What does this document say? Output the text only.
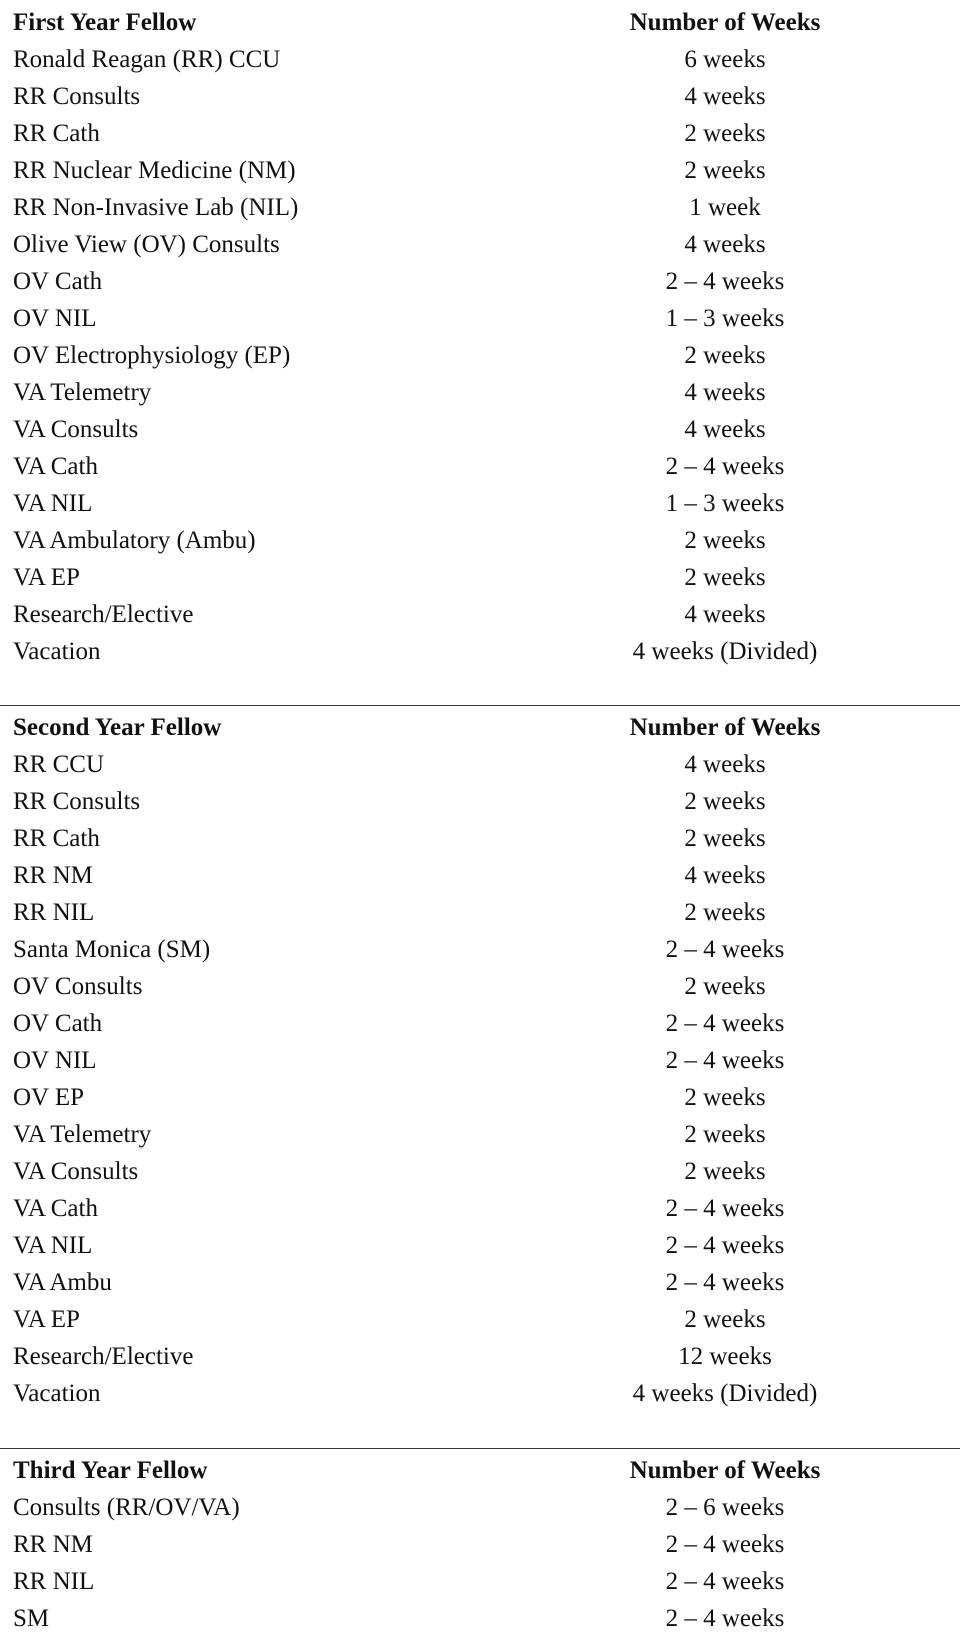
First Year Fellow	Number of Weeks
Ronald Reagan (RR) CCU	6 weeks
RR Consults	4 weeks
RR Cath	2 weeks
RR Nuclear Medicine (NM)	2 weeks
RR Non-Invasive Lab (NIL)	1 week
Olive View (OV) Consults	4 weeks
OV Cath	2 – 4 weeks
OV NIL	1 – 3 weeks
OV Electrophysiology (EP)	2 weeks
VA Telemetry	4 weeks
VA Consults	4 weeks
VA Cath	2 – 4 weeks
VA NIL	1 – 3 weeks
VA Ambulatory (Ambu)	2 weeks
VA EP	2 weeks
Research/Elective	4 weeks
Vacation	4 weeks (Divided)
Second Year Fellow	Number of Weeks
RR CCU	4 weeks
RR Consults	2 weeks
RR Cath	2 weeks
RR NM	4 weeks
RR NIL	2 weeks
Santa Monica (SM)	2 – 4 weeks
OV Consults	2 weeks
OV Cath	2 – 4 weeks
OV NIL	2 – 4 weeks
OV EP	2 weeks
VA Telemetry	2 weeks
VA Consults	2 weeks
VA Cath	2 – 4 weeks
VA NIL	2 – 4 weeks
VA Ambu	2 – 4 weeks
VA EP	2 weeks
Research/Elective	12 weeks
Vacation	4 weeks (Divided)
Third Year Fellow	Number of Weeks
Consults (RR/OV/VA)	2 – 6 weeks
RR NM	2 – 4 weeks
RR NIL	2 – 4 weeks
SM	2 – 4 weeks
